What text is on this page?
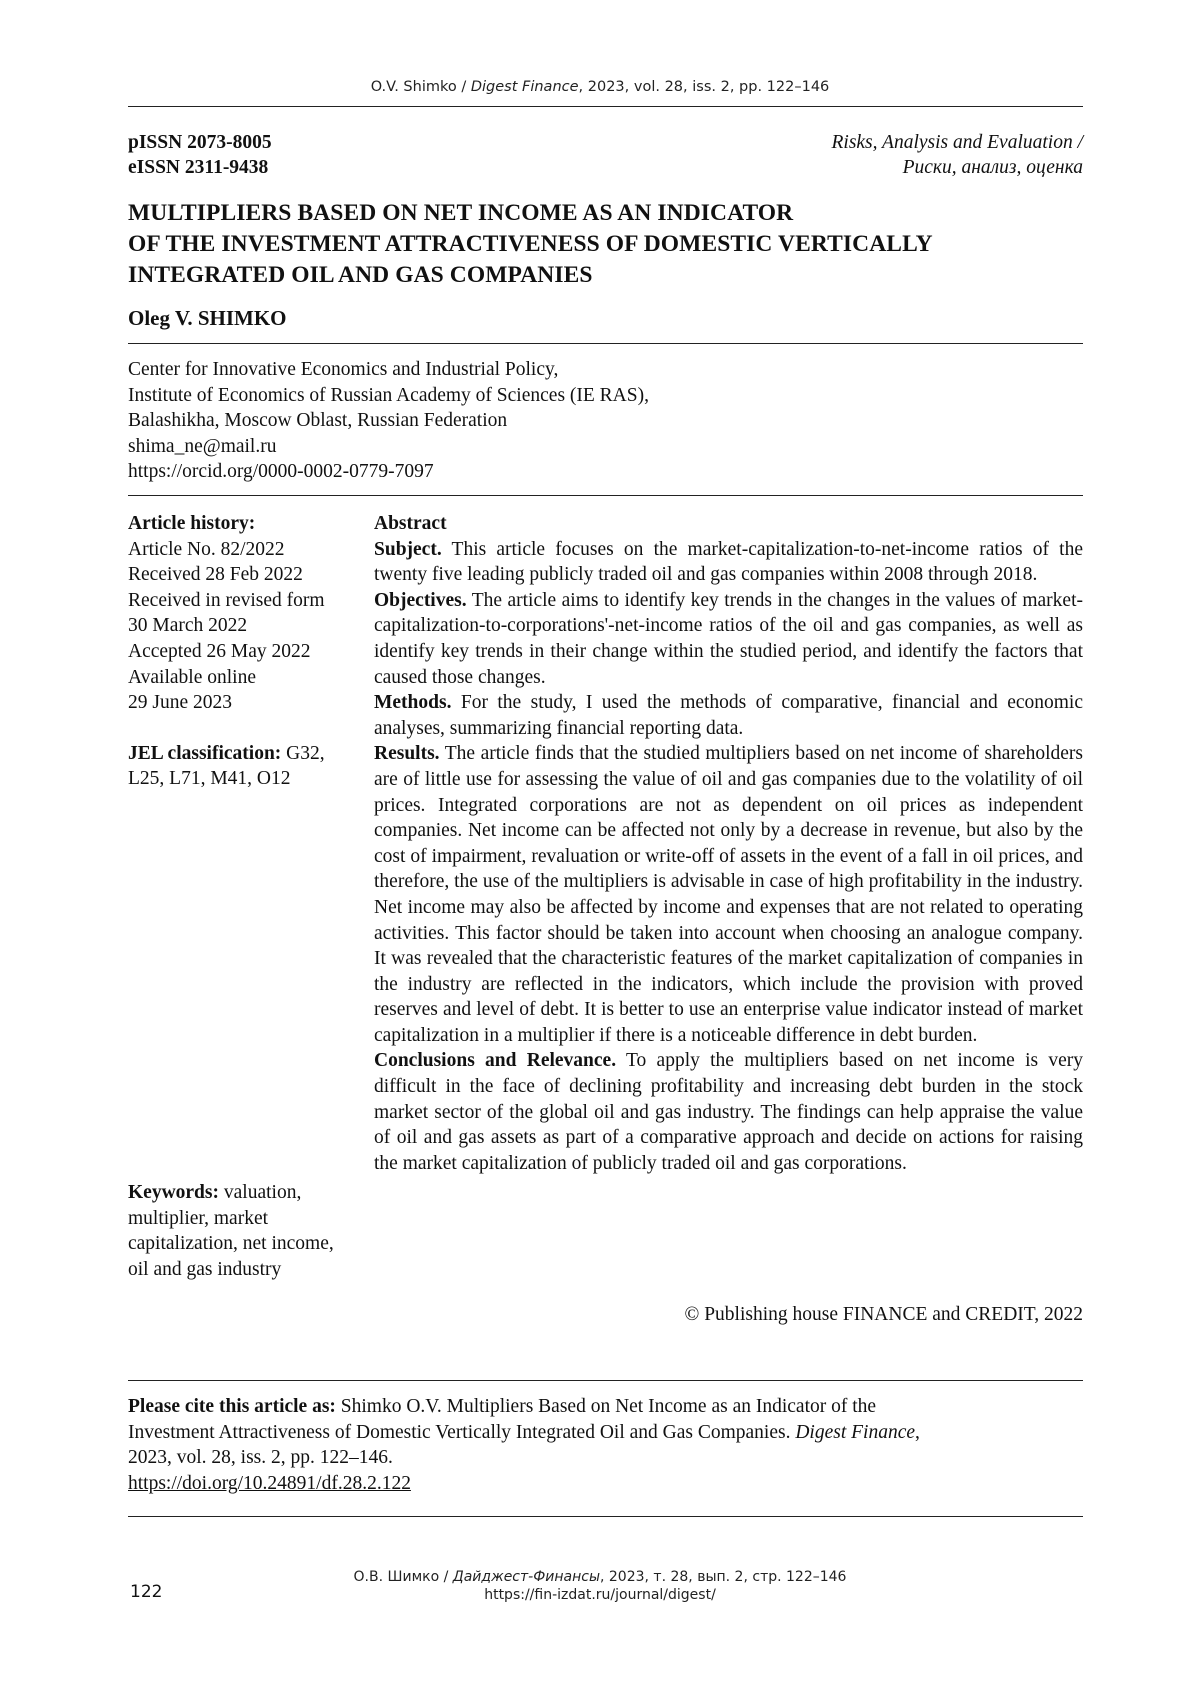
O.V. Shimko / Digest Finance, 2023, vol. 28, iss. 2, pp. 122–146
pISSN 2073-8005
eISSN 2311-9438
Risks, Analysis and Evaluation /
Риски, анализ, оценка
MULTIPLIERS BASED ON NET INCOME AS AN INDICATOR
OF THE INVESTMENT ATTRACTIVENESS OF DOMESTIC VERTICALLY
INTEGRATED OIL AND GAS COMPANIES
Oleg V. SHIMKO
Center for Innovative Economics and Industrial Policy,
Institute of Economics of Russian Academy of Sciences (IE RAS),
Balashikha, Moscow Oblast, Russian Federation
shima_ne@mail.ru
https://orcid.org/0000-0002-0779-7097
Article history:
Article No. 82/2022
Received 28 Feb 2022
Received in revised form
30 March 2022
Accepted 26 May 2022
Available online
29 June 2023
JEL classification: G32, L25, L71, M41, O12
Keywords: valuation,
multiplier, market
capitalization, net income,
oil and gas industry
Abstract

Subject. This article focuses on the market-capitalization-to-net-income ratios of the twenty five leading publicly traded oil and gas companies within 2008 through 2018.

Objectives. The article aims to identify key trends in the changes in the values of market-capitalization-to-corporations'-net-income ratios of the oil and gas companies, as well as identify key trends in their change within the studied period, and identify the factors that caused those changes.

Methods. For the study, I used the methods of comparative, financial and economic analyses, summarizing financial reporting data.

Results. The article finds that the studied multipliers based on net income of shareholders are of little use for assessing the value of oil and gas companies due to the volatility of oil prices. Integrated corporations are not as dependent on oil prices as independent companies. Net income can be affected not only by a decrease in revenue, but also by the cost of impairment, revaluation or write-off of assets in the event of a fall in oil prices, and therefore, the use of the multipliers is advisable in case of high profitability in the industry. Net income may also be affected by income and expenses that are not related to operating activities. This factor should be taken into account when choosing an analogue company. It was revealed that the characteristic features of the market capitalization of companies in the industry are reflected in the indicators, which include the provision with proved reserves and level of debt. It is better to use an enterprise value indicator instead of market capitalization in a multiplier if there is a noticeable difference in debt burden.

Conclusions and Relevance. To apply the multipliers based on net income is very difficult in the face of declining profitability and increasing debt burden in the stock market sector of the global oil and gas industry. The findings can help appraise the value of oil and gas assets as part of a comparative approach and decide on actions for raising the market capitalization of publicly traded oil and gas corporations.

© Publishing house FINANCE and CREDIT, 2022
Please cite this article as: Shimko O.V. Multipliers Based on Net Income as an Indicator of the
Investment Attractiveness of Domestic Vertically Integrated Oil and Gas Companies. Digest Finance,
2023, vol. 28, iss. 2, pp. 122–146.
https://doi.org/10.24891/df.28.2.122
О.В. Шимко / Дайджест-Финансы, 2023, т. 28, вып. 2, стр. 122–146
https://fin-izdat.ru/journal/digest/
122
